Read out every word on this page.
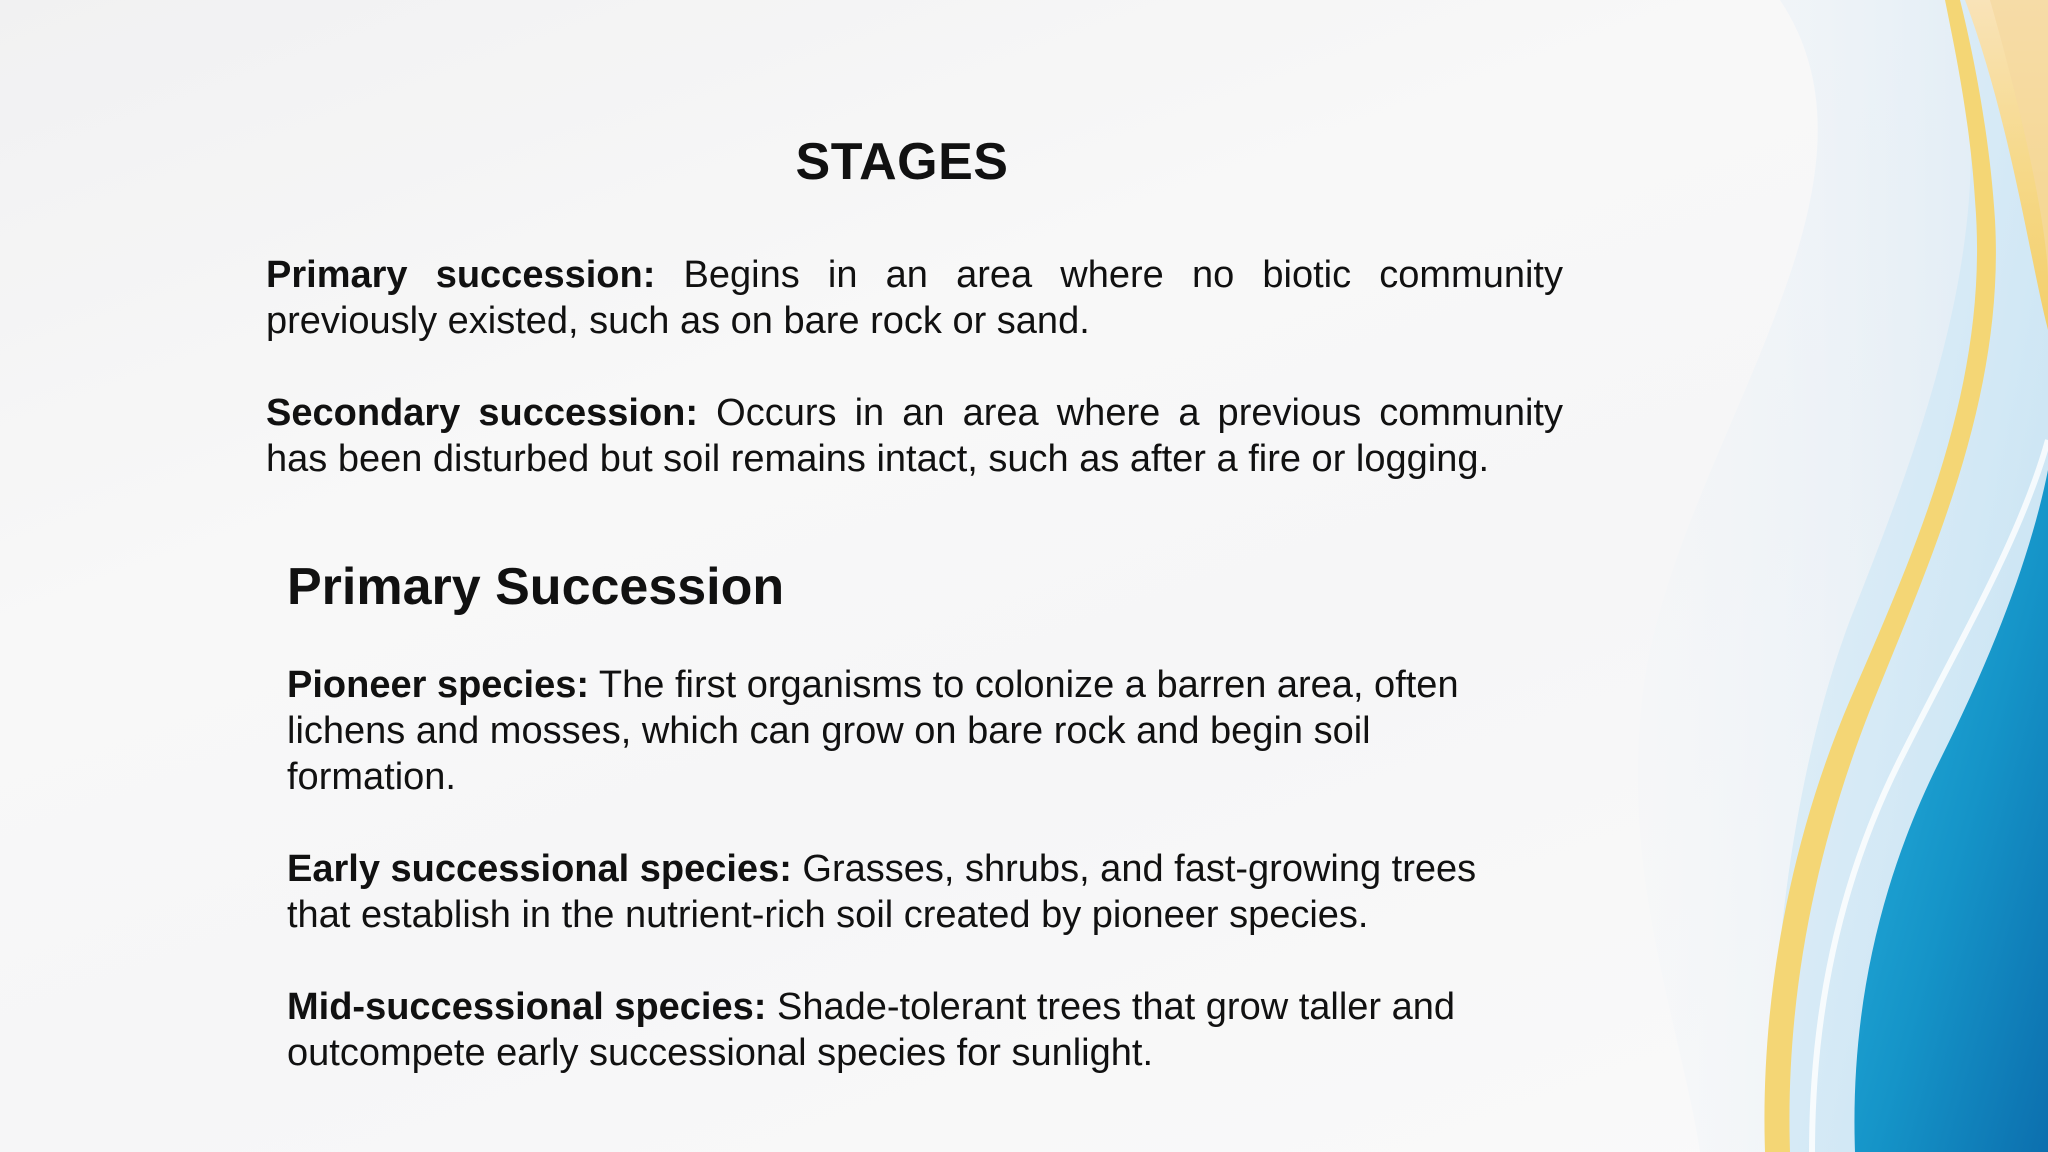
STAGES

Primary succession: Begins in an area where no biotic community previously existed, such as on bare rock or sand.

Secondary succession: Occurs in an area where a previous community has been disturbed but soil remains intact, such as after a fire or logging.

Primary Succession

Pioneer species: The first organisms to colonize a barren area, often lichens and mosses, which can grow on bare rock and begin soil formation.

Early successional species: Grasses, shrubs, and fast-growing trees that establish in the nutrient-rich soil created by pioneer species.

Mid-successional species: Shade-tolerant trees that grow taller and outcompete early successional species for sunlight.
